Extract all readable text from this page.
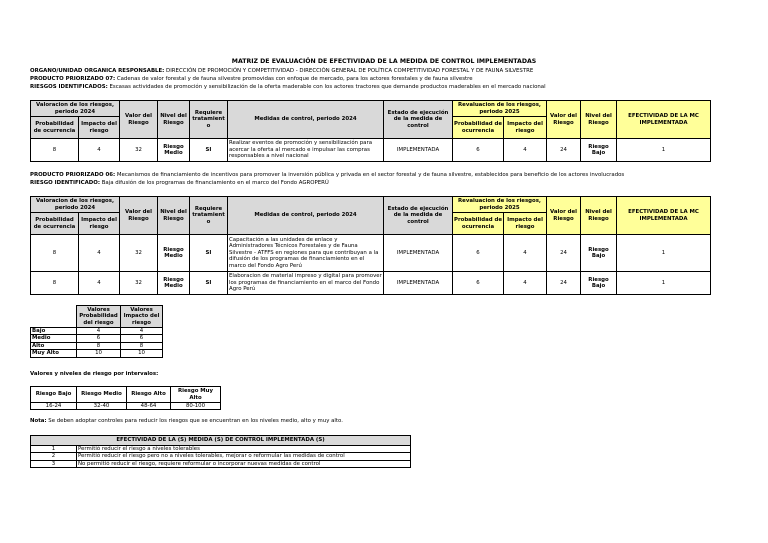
MATRIZ DE EVALUACIÓN DE EFECTIVIDAD DE LA MEDIDA DE CONTROL IMPLEMENTADAS
ORGANO/UNIDAD ORGANICA RESPONSABLE: DIRECCIÓN DE PROMOCIÓN Y COMPETITIVIDAD - DIRECCIÓN GENERAL DE POLÍTICA COMPETITIVIDAD FORESTAL Y DE FAUNA SILVESTRE
PRODUCTO PRIORIZADO 07: Cadenas de valor forestal y de fauna silvestre promovidas con enfoque de mercado, para los actores forestales y de fauna silvestre
RIESGOS IDENTIFICADOS: Escasas actividades de promoción y sensibilización de la oferta maderable con los actores tractores que demande productos maderables en el mercado nacional
Valoracion de los riesgos, periodo 2024		Valor del Riesgo	Nivel del Riesgo	Requiere tratamient o	Medidas de control, periodo 2024	Estado de ejecución de la medida de control	Revaluacion de los riesgos, periodo 2025		Valor del Riesgo	Nivel del Riesgo	EFECTIVIDAD DE LA MC IMPLEMENTADA
Probabilidad de ocurrencia	Impacto del riesgo						Probabilidad de ocurrencia	Impacto del riesgo			
8	4	32	Riesgo Medio	SI	Realizar eventos de promoción y sensibilización para acercar la oferta al mercado e impulsar las compras responsables a nivel nacional	IMPLEMENTADA	6	4	24	Riesgo Bajo	1
PRODUCTO PRIORIZADO 06: Mecanismos de financiamiento de incentivos para promover la inversión pública y privada en el sector forestal y de fauna silvestre, establecidos para beneficio de los actores involucrados
RIESGO IDENTIFICADO: Baja difusión de los programas de financiamiento en el marco del Fondo AGROPERÚ
Valoracion de los riesgos, periodo 2024		Valor del Riesgo	Nivel del Riesgo	Requiere tratamient o	Medidas de control, periodo 2024	Estado de ejecución de la medida de control	Revaluacion de los riesgos, periodo 2025		Valor del Riesgo	Nivel del Riesgo	EFECTIVIDAD DE LA MC IMPLEMENTADA
Probabilidad de ocurrencia	Impacto del riesgo						Probabilidad de ocurrencia	Impacto del riesgo			
8	4	32	Riesgo Medio	SI	Capacitación a las unidades de enlace y Administradores Técnicos Forestales y de Fauna Silvestre - ATFFS en regiones para que contribuyan a la difusión de los programas de financiamiento en el marco del Fondo Agro Perú	IMPLEMENTADA	6	4	24	Riesgo Bajo	1
8	4	32	Riesgo Medio	SI	Elaboracion de material impreso y digital para promover los programas de financiamiento en el marco del Fondo Agro Perú	IMPLEMENTADA	6	4	24	Riesgo Bajo	1
	Valores Probabilidad del riesgo	Valores Impacto del riesgo
Bajo	4	4
Medio	6	6
Alto	8	8
Muy Alto	10	10
Valores y niveles de riesgo por intervalos:
Riesgo Bajo	Riesgo Medio	Riesgo Alto	Riesgo Muy Alto
16-24	32-40	48-64	80-100
Nota: Se deben adoptar controles para reducir los riesgos que se encuentran en los niveles medio, alto y muy alto.
EFECTIVIDAD DE LA (S) MEDIDA (S) DE CONTROL IMPLEMENTADA (S)	
1	Permitió reducir el riesgo a niveles tolerables
2	Permitió reducir el riesgo pero no a niveles tolerables, mejorar o reformular las medidas de control
3	No permitió reducir el riesgo, requiere reformular o incorporar nuevas medidas de control
